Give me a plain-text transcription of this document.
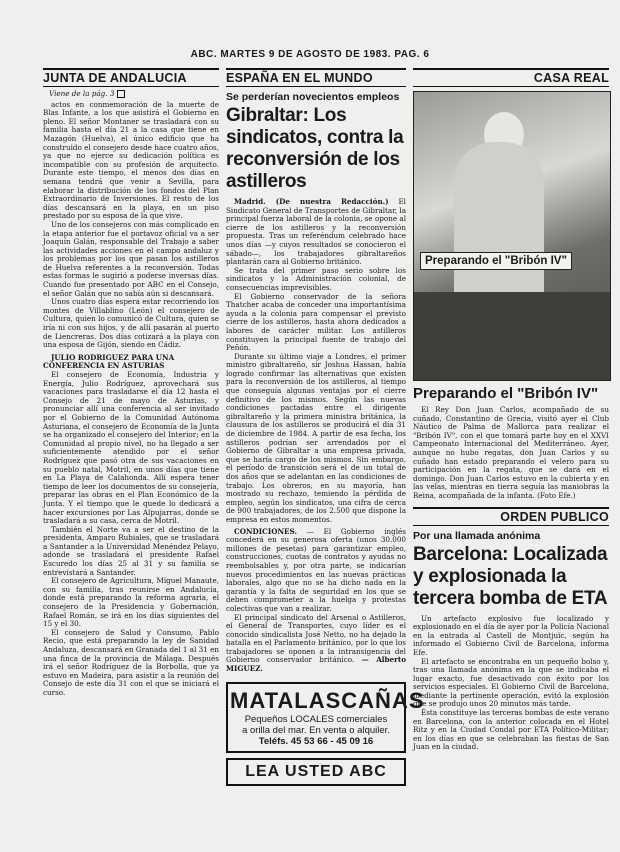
ABC. MARTES 9 DE AGOSTO DE 1983. PAG. 6
JUNTA DE ANDALUCIA
Viene de la pág. 3

actos en conmemoración de la muerte de Blas Infante, a los que asistirá el Gobierno en pleno. El señor Montaner se trasladará con su familia hasta el día 21 a la casa que tiene en Mazagón (Huelva), el único edificio que ha construido el consejero desde hace cuatro años, ya que no ejerce su dedicación política es incompatible con su profesión de arquitecto. Durante este tiempo, el menos dos días en semana tendrá que venir a Sevilla, para elaborar la distribución de los fondos del Plan Extraordinario de Inversiones. El resto de los días descansará en la playa, en un piso prestado por su esposa de la que vive.

Uno de los consejeros con más complicado en la etapa anterior fue el portavoz oficial va a ser Joaquín Galán, responsable del Trabajo a saber las actividades acciones en el campo andaluz y los problemas por los que pasan los astilleros de Huelva referentes a la reconversión. Todas estas formas le sugirió a poderse inversas días. Cuando fue presentado por ABC en el Consejo, el señor Galán que no sabía aún si descansará.

Unos cuatro días espera estar recorriendo los montes de Villablino (León) el consejero de Cultura, quien lo comunicó de Cultura, quien se iría ni con sus hijos, y de allí pasarán al puerto de Liencreras. Dos días cotizará a la playa con una esposa de Gijón, siendo en Cádiz.

JULIO RODRIGUEZ PARA UNA CONFERENCIA EN ASTURIAS

El consejero de Economía, Industria y Energía, Julio Rodríguez, aprovechará sus vacaciones para trasladarse el día 12 hasta el Consejo de 21 de mayo de Asturias, y pronunciar allí una conferencia al ser invitado por el Gobierno de la Comunidad Autónoma Asturiana, el consejero de Economía de la Junta se ha organizado el consejero del Interior; en la Comunidad al propio nivel, no ha llegado a ser suficientemente atendido por el señor Rodríguez que pasó otra de sus vacaciones en su pueblo natal, Motril, en unos días que tiene en La Playa de Calahonda. Allí espera tener tiempo de leer los documentos de su consejería, preparar las obras en el Plan Económico de la Junta. Y el tiempo que le quede lo dedicará a hacer excursiones por Las Alpujarras, donde se trasladará a su casa, cerca de Motril.

También el Norte va a ser el destino de la presidenta, Amparo Rubiales, que se trasladará a Santander a la Universidad Menéndez Pelayo, adonde se trasladará el presidente Rafael Escuredo los días 25 al 31 y su familia se entrevistará a Santander.

El consejero de Agricultura, Miguel Manaute, con su familia, tras reunirse en Andalucía, donde está preparando la reforma agraria, el consejero de la Presidencia y Gobernación, Rafael Román, se irá en los días siguientes del 15 y el 30.

El consejero de Salud y Consumo, Pablo Recio, que está preparando la ley de Sanidad Andaluza, descansará en Granada del 1 al 31 en una finca de la provincia de Málaga. Después irá el señor Rodríguez de la Borbolla, que ya estuvo en Madeira, para asistir a la reunión del Consejo de este día 31 con el que se iniciará el curso.

ESPAÑA EN EL MUNDO
Se perderían novecientos empleos
Gibraltar: Los sindicatos, contra la reconversión de los astilleros

Madrid. (De nuestra Redacción.) El Sindicato General de Transportes de Gibraltar, la principal fuerza laboral de la colonia, se opone al cierre de los astilleros y la reconversión propuesta. Tras un referéndum celebrado hace unos días —y cuyos resultados se conocieron el sábado—, los trabajadores gibraltareños plantarán cara al Gobierno británico.

Se trata del primer paso serio sobre los sindicatos y la Administración colonial, de consecuencias imprevisibles.

El Gobierno conservador de la señora Thatcher acaba de conceder una importantísima ayuda a la colonia para compensar el previsto cierre de los astilleros, hasta ahora dedicados a labores de carácter militar. Los astilleros constituyen la principal fuente de trabajo del Peñón.

Durante su último viaje a Londres, el primer ministro gibraltareño, sir Joshua Hassan, había logrado confirmar las alternativas que existen para la reconversión de los astilleros, al tiempo que conseguía algunas ventajas por el cierre definitivo de los mismos. Según las nuevas condiciones pactadas entre el dirigente gibraltareño y la primera ministra británica, la clausura de los astilleros se producirá el día 31 de diciembre de 1984. A partir de esa fecha, los astilleros podrían ser arrendados por el Gobierno de Gibraltar a una empresa privada, que se haría cargo de los mismos. Sin embargo, el período de transición será el de un total de dos años que se adelantan en las condiciones de trabajo. Los obreros, en su mayoría, han mostrado su rechazo, temiendo la pérdida de empleo, según los sindicatos, una cifra de cerca de 900 trabajadores, de los 2.500 que dispone la empresa en estos momentos.

CONDICIONES. — El Gobierno inglés concederá en su generosa oferta (unos 30.000 millones de pesetas) para garantizar empleo, construcciones, cuotas de contratos y ayudas no reembolsables y, por otra parte, se indicarían nuevos procedimientos en las nuevas prácticas laborales, algo que no se ha dicho nada en la garantía y la falta de seguridad en los que se deben comprometer a la huelga y protestas colectivas que van a realizar.

El principal sindicato del Arsenal o Astilleros, el General de Transportes, cuyo líder es el conocido sindicalista José Netto, no ha dejado la batalla en el Parlamento británico, por lo que los trabajadores se oponen a la intransigencia del Gobierno conservador británico. — Alberto MIGUEZ.

MATALASCAÑAS
Pequeños LOCALES comerciales
a orilla del mar. En venta o alquiler.
Teléfs. 45 53 66 - 45 09 16
LEA USTED ABC
CASA REAL
Preparando el "Bribón IV"
Preparando el "Bribón IV"

El Rey Don Juan Carlos, acompañado de su cuñado, Constantino de Grecia, visitó ayer el Club Náutico de Palma de Mallorca para realizar el "Bribón IV", con el que tomará parte hoy en el XXVI Campeonato Internacional del Mediterráneo. Ayer, aunque no hubo regatas, don Juan Carlos y su cuñado han estado preparando el velero para su participación en la regata, que se dará en el domingo. Don Juan Carlos estuvo en la cubierta y en las velas, mientras en tierra seguía las maniobras la Reina, acompañada de la infanta. (Foto Efe.)

ORDEN PUBLICO
Por una llamada anónima
Barcelona: Localizada y explosionada la tercera bomba de ETA

Un artefacto explosivo fue localizado y explosionado en el día de ayer por la Policía Nacional en la entrada al Castell de Montjuïc, según ha informado el Gobierno Civil de Barcelona, informa Efe.

El artefacto se encontraba en un pequeño bolso y, tras una llamada anónima en la que se indicaba el lugar exacto, fue desactivado con éxito por los servicios especiales. El Gobierno Civil de Barcelona, mediante la pertinente operación, evitó la explosión que se produjo unos 20 minutos más tarde.

Ésta constituye las terceras bombas de este verano en Barcelona, con la anterior colocada en el Hotel Ritz y en la Ciudad Condal por ETA Político-Militar; en los días en que se celebraban las fiestas de San Juan en la ciudad.
